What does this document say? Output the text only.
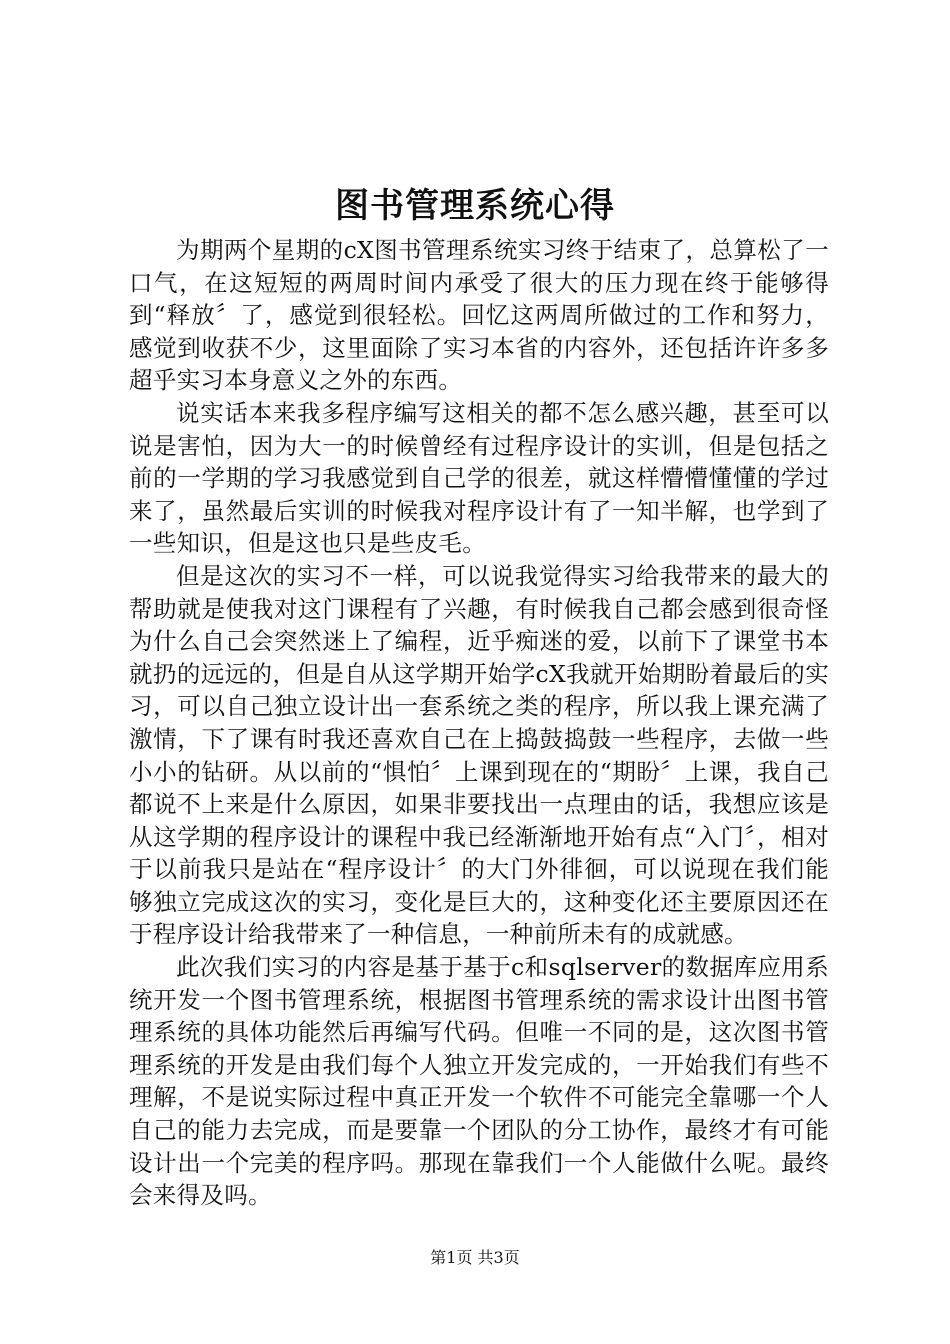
图书管理系统心得

为期两个星期的cX图书管理系统实习终于结束了，总算松了一口气，在这短短的两周时间内承受了很大的压力现在终于能够得到“释放〞了，感觉到很轻松。回忆这两周所做过的工作和努力，感觉到收获不少，这里面除了实习本省的内容外，还包括许许多多超乎实习本身意义之外的东西。

说实话本来我多程序编写这相关的都不怎么感兴趣，甚至可以说是害怕，因为大一的时候曾经有过程序设计的实训，但是包括之前的一学期的学习我感觉到自己学的很差，就这样懵懵懂懂的学过来了，虽然最后实训的时候我对程序设计有了一知半解，也学到了一些知识，但是这也只是些皮毛。

但是这次的实习不一样，可以说我觉得实习给我带来的最大的帮助就是使我对这门课程有了兴趣，有时候我自己都会感到很奇怪为什么自己会突然迷上了编程，近乎痴迷的爱，以前下了课堂书本就扔的远远的，但是自从这学期开始学cX我就开始期盼着最后的实习，可以自己独立设计出一套系统之类的程序，所以我上课充满了激情，下了课有时我还喜欢自己在上捣鼓捣鼓一些程序，去做一些小小的钻研。从以前的“惧怕〞上课到现在的“期盼〞上课，我自己都说不上来是什么原因，如果非要找出一点理由的话，我想应该是从这学期的程序设计的课程中我已经渐渐地开始有点“入门〞，相对于以前我只是站在“程序设计〞的大门外徘徊，可以说现在我们能够独立完成这次的实习，变化是巨大的，这种变化还主要原因还在于程序设计给我带来了一种信息，一种前所未有的成就感。

此次我们实习的内容是基于基于c和sqlserver的数据库应用系统开发一个图书管理系统，根据图书管理系统的需求设计出图书管理系统的具体功能然后再编写代码。但唯一不同的是，这次图书管理系统的开发是由我们每个人独立开发完成的，一开始我们有些不理解，不是说实际过程中真正开发一个软件不可能完全靠哪一个人自己的能力去完成，而是要靠一个团队的分工协作，最终才有可能设计出一个完美的程序吗。那现在靠我们一个人能做什么呢。最终会来得及吗。

第1页 共3页
